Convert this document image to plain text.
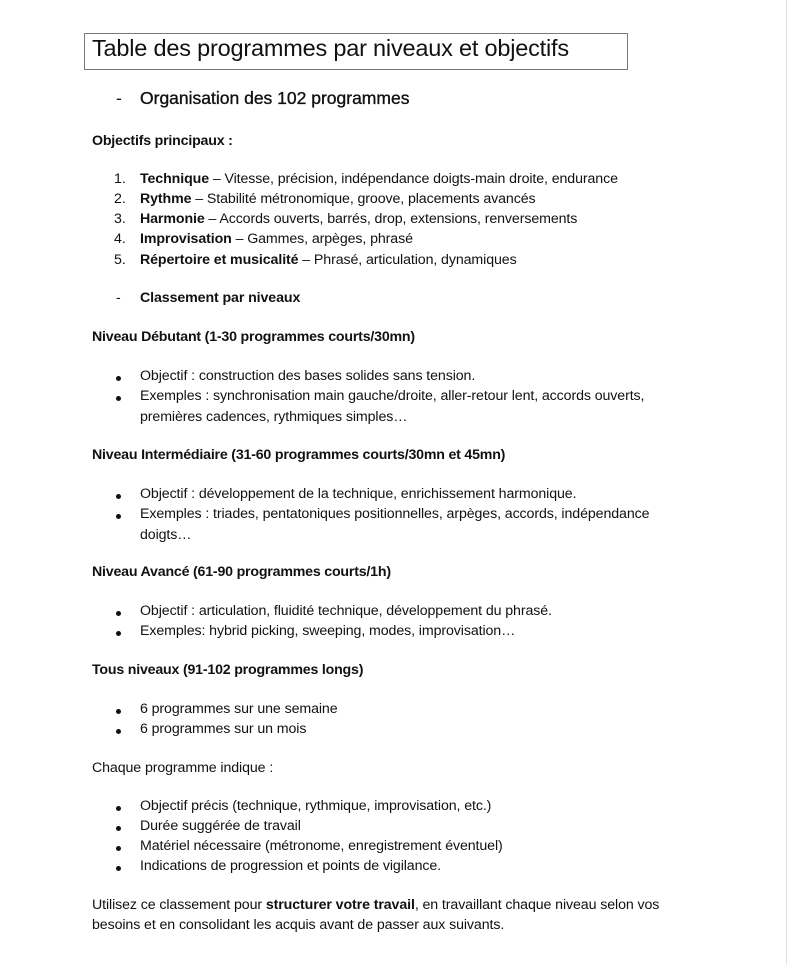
Table des programmes par niveaux et objectifs
- Organisation des 102 programmes
Objectifs principaux :
1. Technique – Vitesse, précision, indépendance doigts-main droite, endurance
2. Rythme – Stabilité métronomique, groove, placements avancés
3. Harmonie – Accords ouverts, barrés, drop, extensions, renversements
4. Improvisation – Gammes, arpèges, phrasé
5. Répertoire et musicalité – Phrasé, articulation, dynamiques
- Classement par niveaux
Niveau Débutant (1-30 programmes courts/30mn)
Objectif : construction des bases solides sans tension.
Exemples : synchronisation main gauche/droite, aller-retour lent, accords ouverts,
premières cadences, rythmiques simples…
Niveau Intermédiaire (31-60 programmes courts/30mn et 45mn)
Objectif : développement de la technique, enrichissement harmonique.
Exemples : triades, pentatoniques positionnelles, arpèges, accords, indépendance
doigts…
Niveau Avancé (61-90 programmes courts/1h)
Objectif : articulation, fluidité technique, développement du phrasé.
Exemples: hybrid picking, sweeping, modes, improvisation…
Tous niveaux (91-102 programmes longs)
6 programmes sur une semaine
6 programmes sur un mois
Chaque programme indique :
Objectif précis (technique, rythmique, improvisation, etc.)
Durée suggérée de travail
Matériel nécessaire (métronome, enregistrement éventuel)
Indications de progression et points de vigilance.
Utilisez ce classement pour structurer votre travail, en travaillant chaque niveau selon vos
besoins et en consolidant les acquis avant de passer aux suivants.
